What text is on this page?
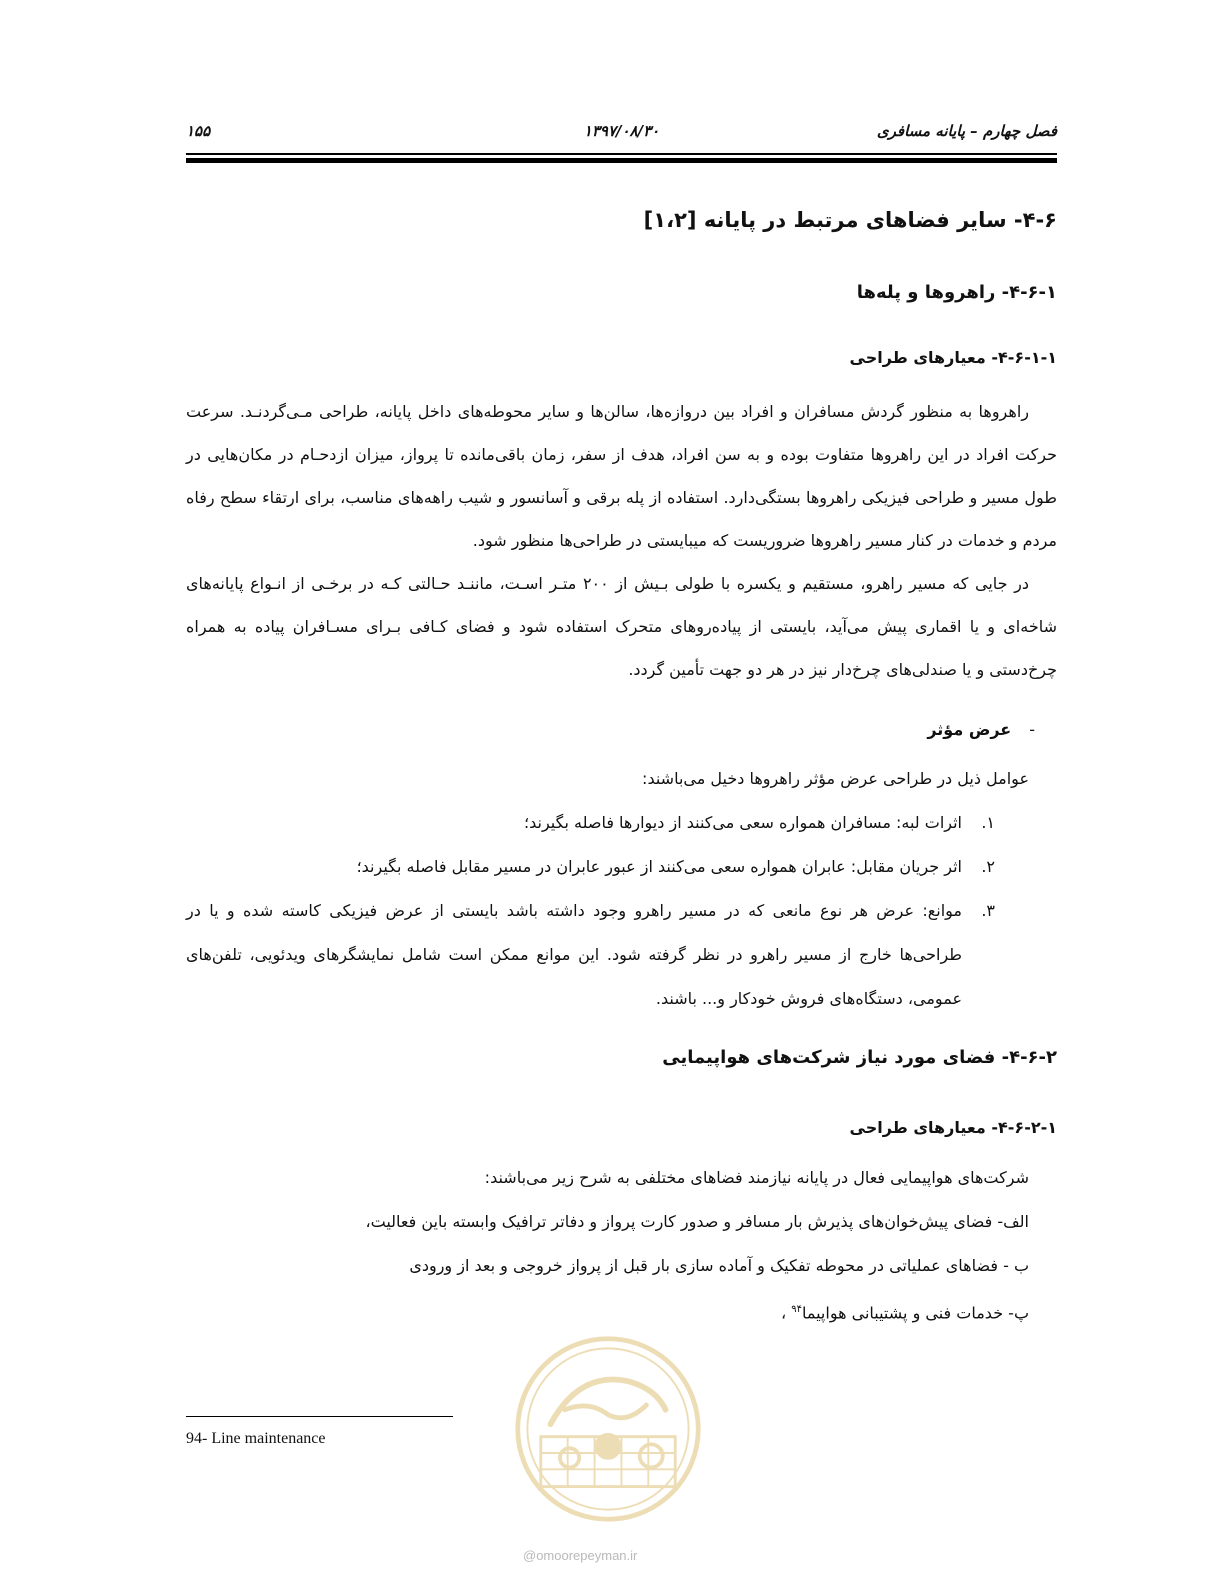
فصل چهارم – پایانه مسافری
۱۳۹۷/۰۸/۳۰
۱۵۵
۴-۶- سایر فضاهای مرتبط در پایانه [۱،۲]
۴-۶-۱- راهروها و پله‌ها
۴-۶-۱-۱- معیارهای طراحی

راهروها به منظور گردش مسافران و افراد بین دروازه‌ها، سالن‌ها و سایر محوطه‌های داخل پایانه، طراحی مـی‌گردنـد. سرعت حرکت افراد در این راهروها متفاوت بوده و به سن افراد، هدف از سفر، زمان باقی‌مانده تا پرواز، میزان ازدحـام در مکان‌هایی در طول مسیر و طراحی فیزیکی راهروها بستگی‌دارد. استفاده از پله برقی و آسانسور و شیب راهه‌های مناسب، برای ارتقاء سطح رفاه مردم و خدمات در کنار مسیر راهروها ضروریست که میبایستی در طراحی‌ها منظور شود.

در جایی که مسیر راهرو، مستقیم و یکسره با طولی بـیش از ۲۰۰ متـر اسـت، ماننـد حـالتی کـه در برخـی از انـواع پایانه‌های شاخه‌ای و یا اقماری پیش می‌آید، بایستی از پیاده‌روهای متحرک استفاده شود و فضای کـافی بـرای مسـافران پیاده به همراه چرخ‌دستی و یا صندلی‌های چرخ‌دار نیز در هر دو جهت تأمین گردد.

-عرض مؤثر
عوامل ذیل در طراحی عرض مؤثر راهروها دخیل می‌باشند:
۱.
اثرات لبه: مسافران همواره سعی می‌کنند از دیوارها فاصله بگیرند؛
۲.
اثر جریان مقابل: عابران همواره سعی می‌کنند از عبور عابران در مسیر مقابل فاصله بگیرند؛
۳.
موانع: عرض هر نوع مانعی که در مسیر راهرو وجود داشته باشد بایستی از عرض فیزیکی کاسته شده و یا در طراحی‌ها خارج از مسیر راهرو در نظر گرفته شود. این موانع ممکن است شامل نمایشگرهای ویدئویی، تلفن‌های عمومی، دستگاه‌های فروش خودکار و... باشند.
۴-۶-۲- فضای مورد نیاز شرکت‌های هواپیمایی
۴-۶-۲-۱- معیارهای طراحی
شرکت‌های هواپیمایی فعال در پایانه نیازمند فضاهای مختلفی به شرح زیر می‌باشند:
الف- فضای پیش‌خوان‌های پذیرش بار مسافر و صدور کارت پرواز و دفاتر ترافیک وابسته باین فعالیت،
ب - فضاهای عملیاتی در محوطه تفکیک و آماده سازی بار قبل از پرواز خروجی و بعد از ورودی
پ- خدمات فنی و پشتیبانی هواپیما$^{۹۴}$ ،
94- Line maintenance
@omoorepeyman.ir
